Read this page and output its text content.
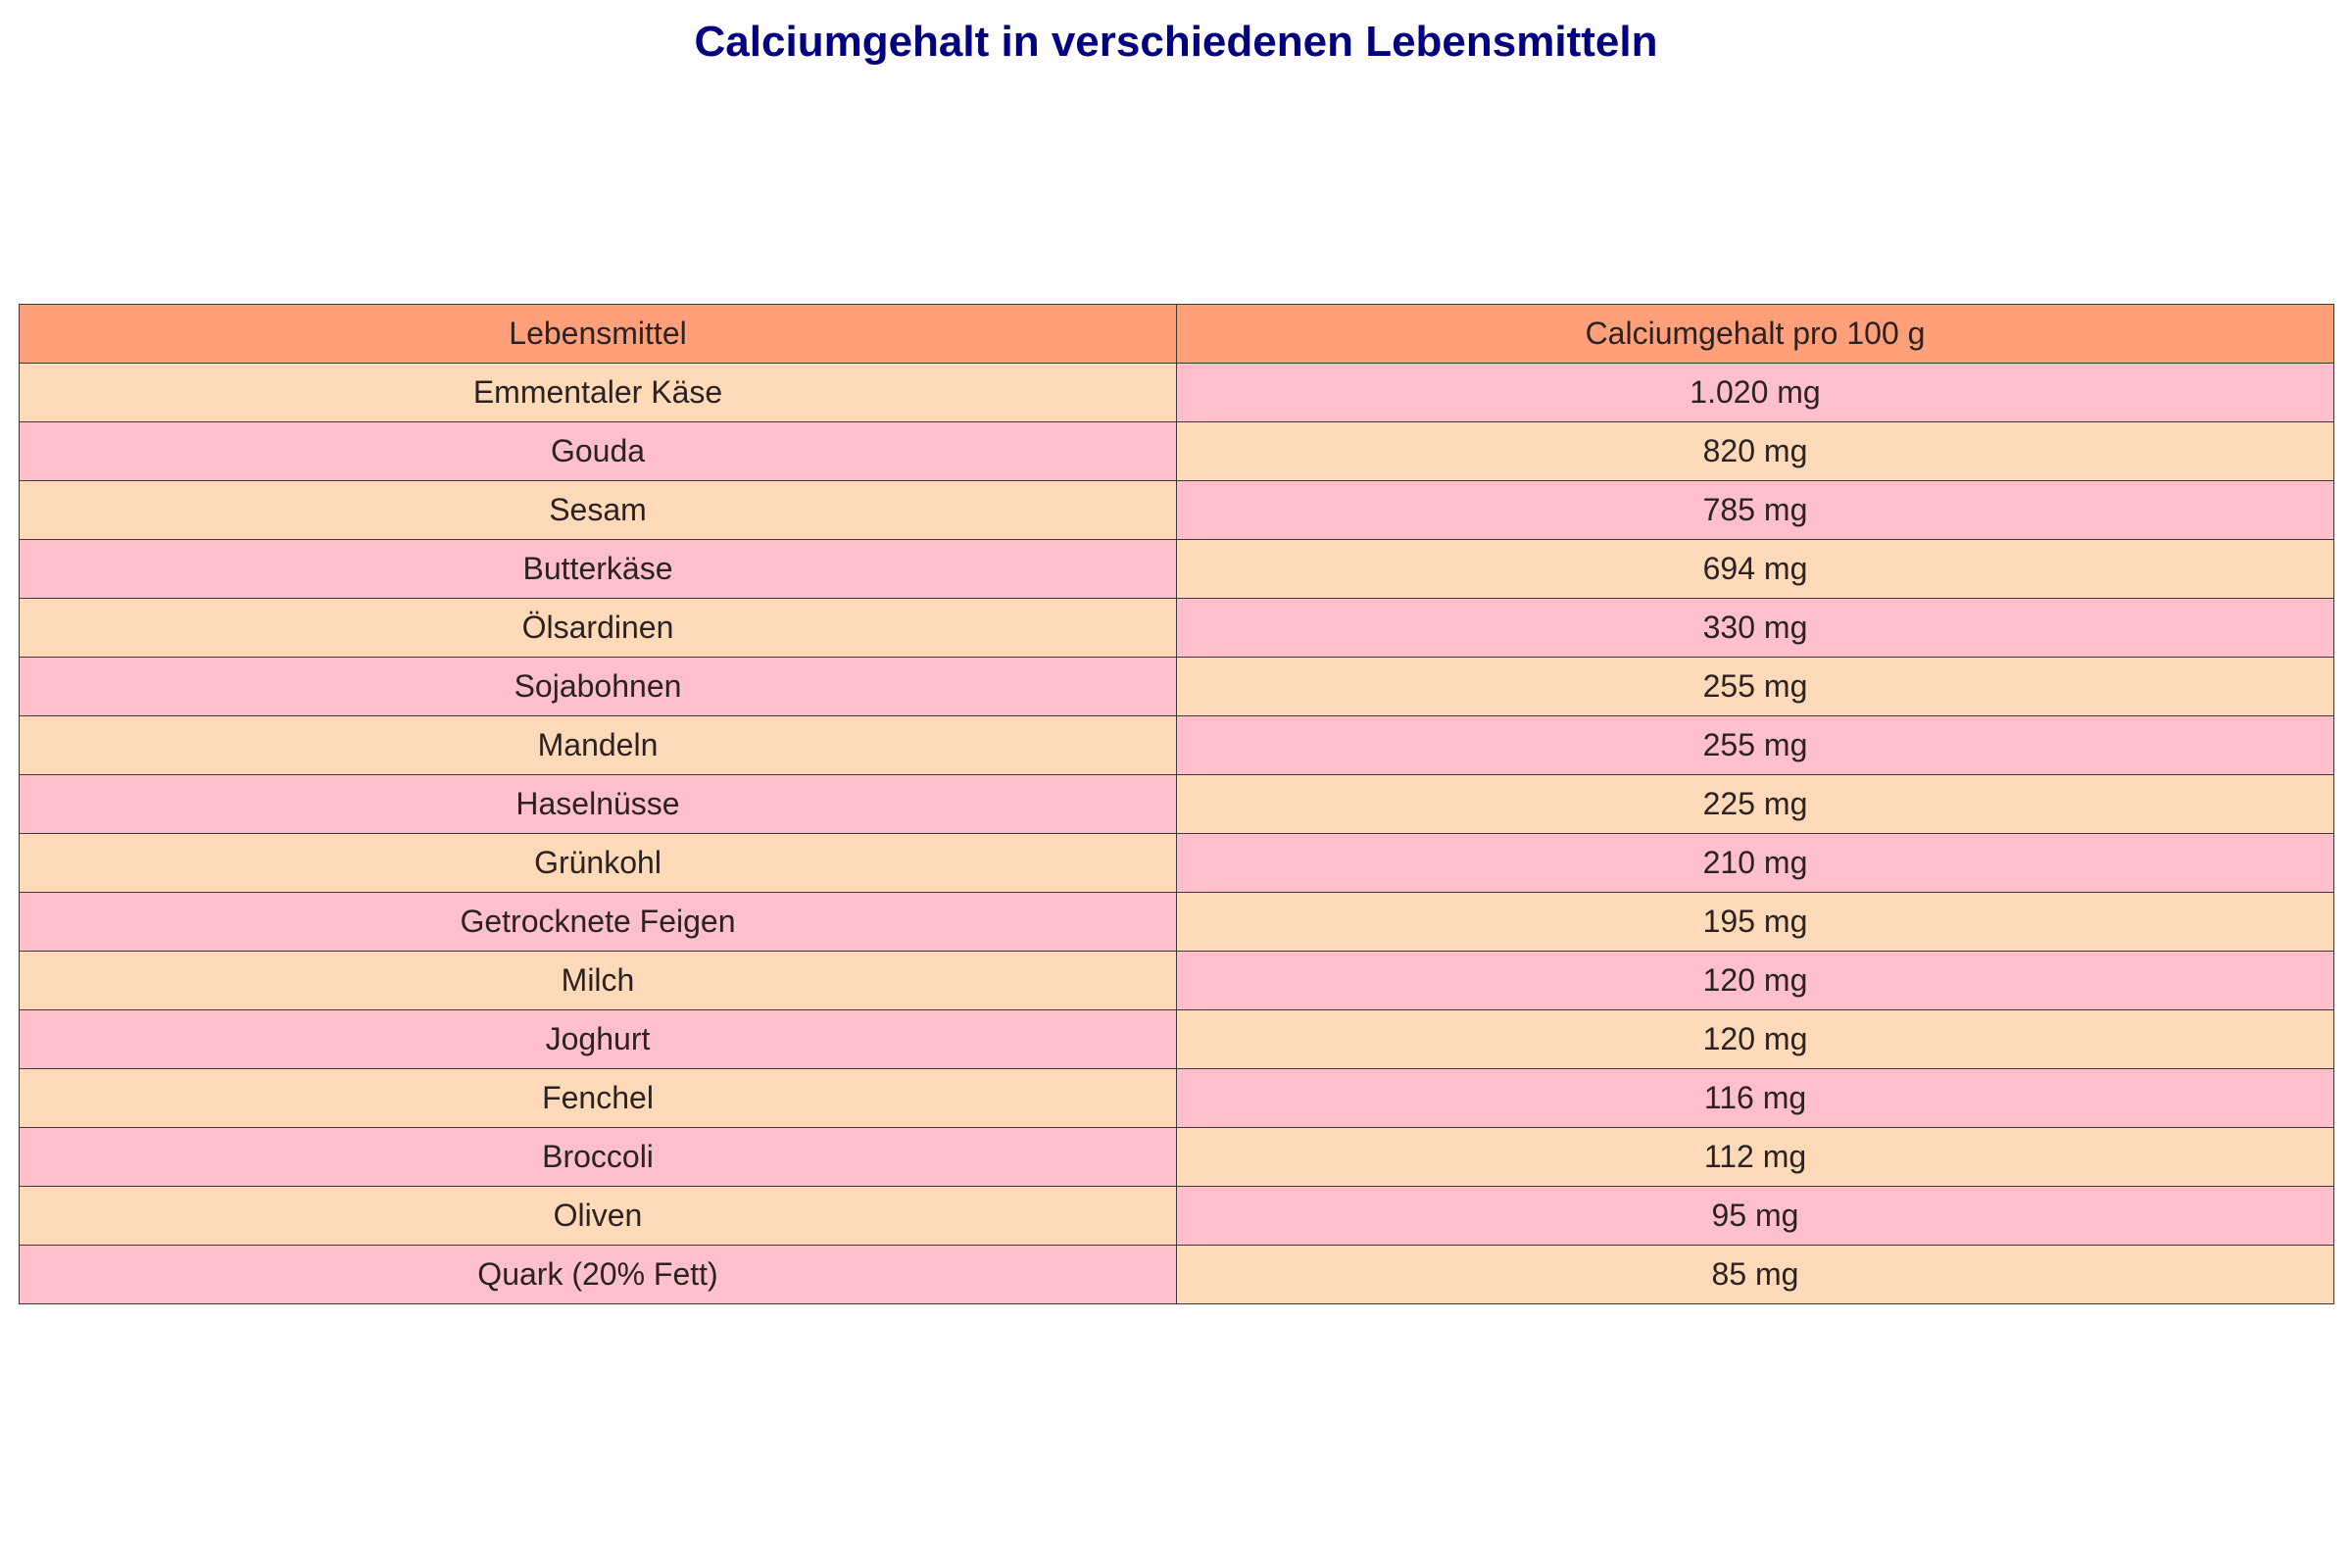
Calciumgehalt in verschiedenen Lebensmitteln
Lebensmittel	Calciumgehalt pro 100 g
Emmentaler Käse	1.020 mg
Gouda	820 mg
Sesam	785 mg
Butterkäse	694 mg
Ölsardinen	330 mg
Sojabohnen	255 mg
Mandeln	255 mg
Haselnüsse	225 mg
Grünkohl	210 mg
Getrocknete Feigen	195 mg
Milch	120 mg
Joghurt	120 mg
Fenchel	116 mg
Broccoli	112 mg
Oliven	95 mg
Quark (20% Fett)	85 mg
